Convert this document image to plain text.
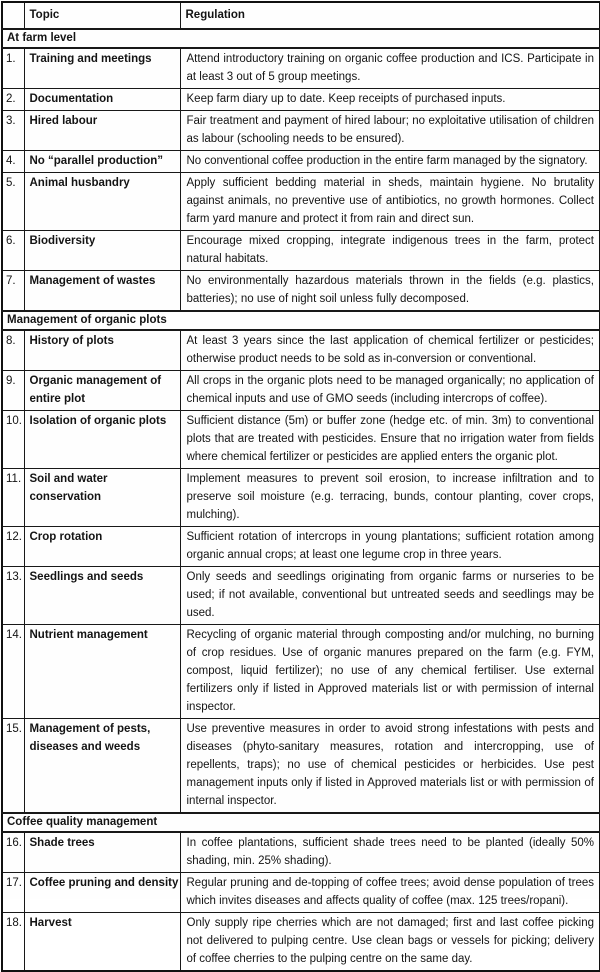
	Topic	Regulation
At farm level		
1.	Training and meetings	Attend introductory training on organic coffee production and ICS. Participate in at least 3 out of 5 group meetings.
2.	Documentation	Keep farm diary up to date. Keep receipts of purchased inputs.
3.	Hired labour	Fair treatment and payment of hired labour; no exploitative utilisation of children as labour (schooling needs to be ensured).
4.	No “parallel production”	No conventional coffee production in the entire farm managed by the signatory.
5.	Animal husbandry	Apply sufficient bedding material in sheds, maintain hygiene. No brutality against animals, no preventive use of antibiotics, no growth hormones. Collect farm yard manure and protect it from rain and direct sun.
6.	Biodiversity	Encourage mixed cropping, integrate indigenous trees in the farm, protect natural habitats.
7.	Management of wastes	No environmentally hazardous materials thrown in the fields (e.g. plastics, batteries); no use of night soil unless fully decomposed.
Management of organic plots		
8.	History of plots	At least 3 years since the last application of chemical fertilizer or pesticides; otherwise product needs to be sold as in-conversion or conventional.
9.	Organic management of entire plot	All crops in the organic plots need to be managed organically; no application of chemical inputs and use of GMO seeds (including intercrops of coffee).
10.	Isolation of organic plots	Sufficient distance (5m) or buffer zone (hedge etc. of min. 3m) to conventional plots that are treated with pesticides. Ensure that no irrigation water from fields where chemical fertilizer or pesticides are applied enters the organic plot.
11.	Soil and water conservation	Implement measures to prevent soil erosion, to increase infiltration and to preserve soil moisture (e.g. terracing, bunds, contour planting, cover crops, mulching).
12.	Crop rotation	Sufficient rotation of intercrops in young plantations; sufficient rotation among organic annual crops; at least one legume crop in three years.
13.	Seedlings and seeds	Only seeds and seedlings originating from organic farms or nurseries to be used; if not available, conventional but untreated seeds and seedlings may be used.
14.	Nutrient management	Recycling of organic material through composting and/or mulching, no burning of crop residues. Use of organic manures prepared on the farm (e.g. FYM, compost, liquid fertilizer); no use of any chemical fertiliser. Use external fertilizers only if listed in Approved materials list or with permission of internal inspector.
15.	Management of pests, diseases and weeds	Use preventive measures in order to avoid strong infestations with pests and diseases (phyto-sanitary measures, rotation and intercropping, use of repellents, traps); no use of chemical pesticides or herbicides. Use pest management inputs only if listed in Approved materials list or with permission of internal inspector.
Coffee quality management		
16.	Shade trees	In coffee plantations, sufficient shade trees need to be planted (ideally 50% shading, min. 25% shading).
17.	Coffee pruning and density	Regular pruning and de-topping of coffee trees; avoid dense population of trees which invites diseases and affects quality of coffee (max. 125 trees/ropani).
18.	Harvest	Only supply ripe cherries which are not damaged; first and last coffee picking not delivered to pulping centre. Use clean bags or vessels for picking; delivery of coffee cherries to the pulping centre on the same day.
